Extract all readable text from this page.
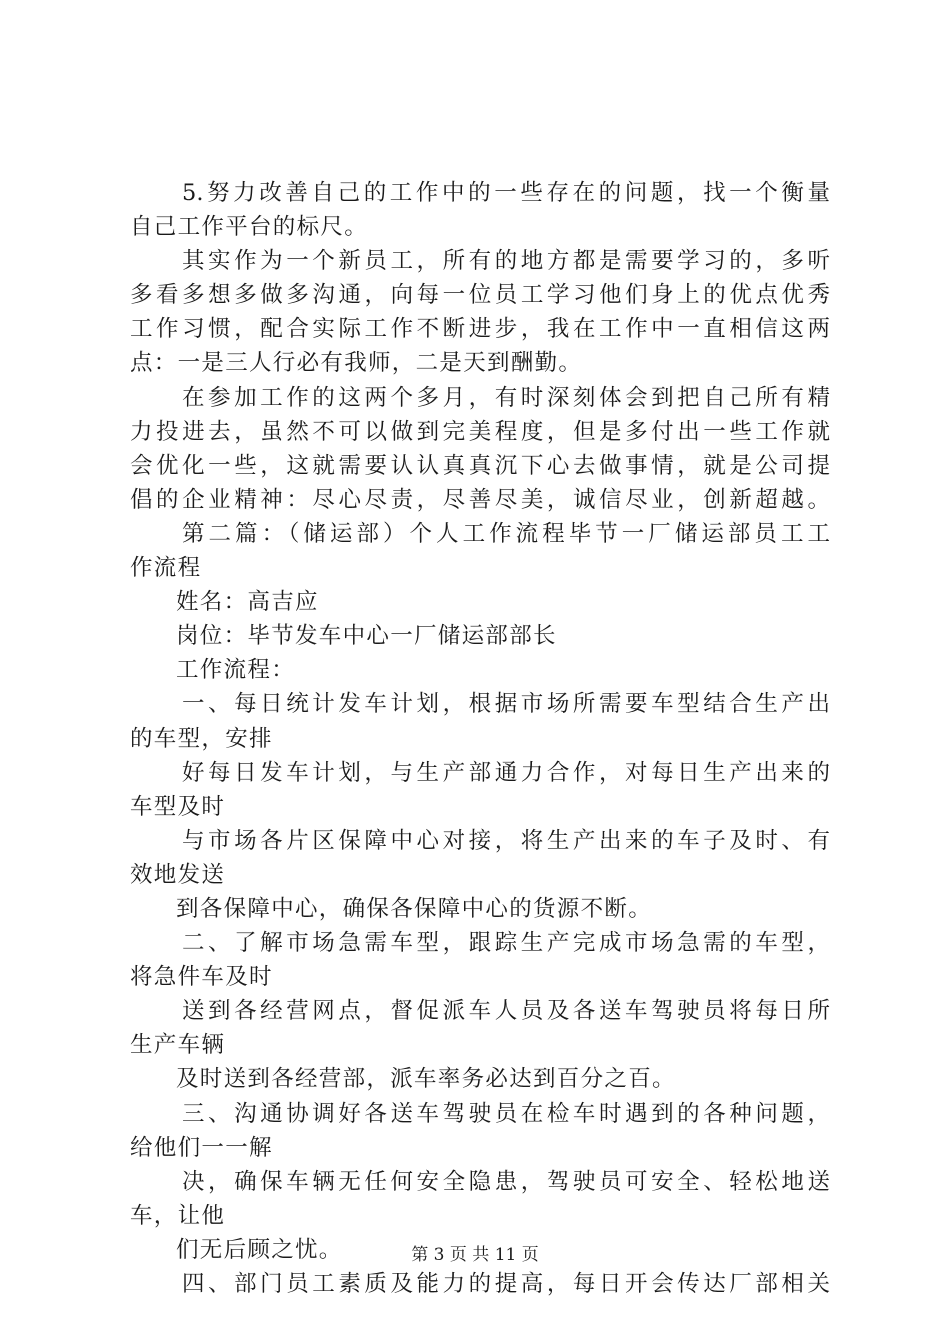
5.努力改善自己的工作中的一些存在的问题，找一个衡量
自己工作平台的标尺。
其实作为一个新员工，所有的地方都是需要学习的，多听
多看多想多做多沟通，向每一位员工学习他们身上的优点优秀
工作习惯，配合实际工作不断进步，我在工作中一直相信这两
点：一是三人行必有我师，二是天到酬勤。
在参加工作的这两个多月，有时深刻体会到把自己所有精
力投进去，虽然不可以做到完美程度，但是多付出一些工作就
会优化一些，这就需要认认真真沉下心去做事情，就是公司提
倡的企业精神：尽心尽责，尽善尽美，诚信尽业，创新超越。
第二篇：（储运部）个人工作流程毕节一厂储运部员工工
作流程
姓名：高吉应
岗位：毕节发车中心一厂储运部部长
工作流程：
一、每日统计发车计划，根据市场所需要车型结合生产出
的车型，安排
好每日发车计划，与生产部通力合作，对每日生产出来的
车型及时
与市场各片区保障中心对接，将生产出来的车子及时、有
效地发送
到各保障中心，确保各保障中心的货源不断。
二、了解市场急需车型，跟踪生产完成市场急需的车型，
将急件车及时
送到各经营网点，督促派车人员及各送车驾驶员将每日所
生产车辆
及时送到各经营部，派车率务必达到百分之百。
三、沟通协调好各送车驾驶员在检车时遇到的各种问题，
给他们一一解
决，确保车辆无任何安全隐患，驾驶员可安全、轻松地送
车，让他
们无后顾之忧。
四、部门员工素质及能力的提高，每日开会传达厂部相关
第 3 页 共 11 页
